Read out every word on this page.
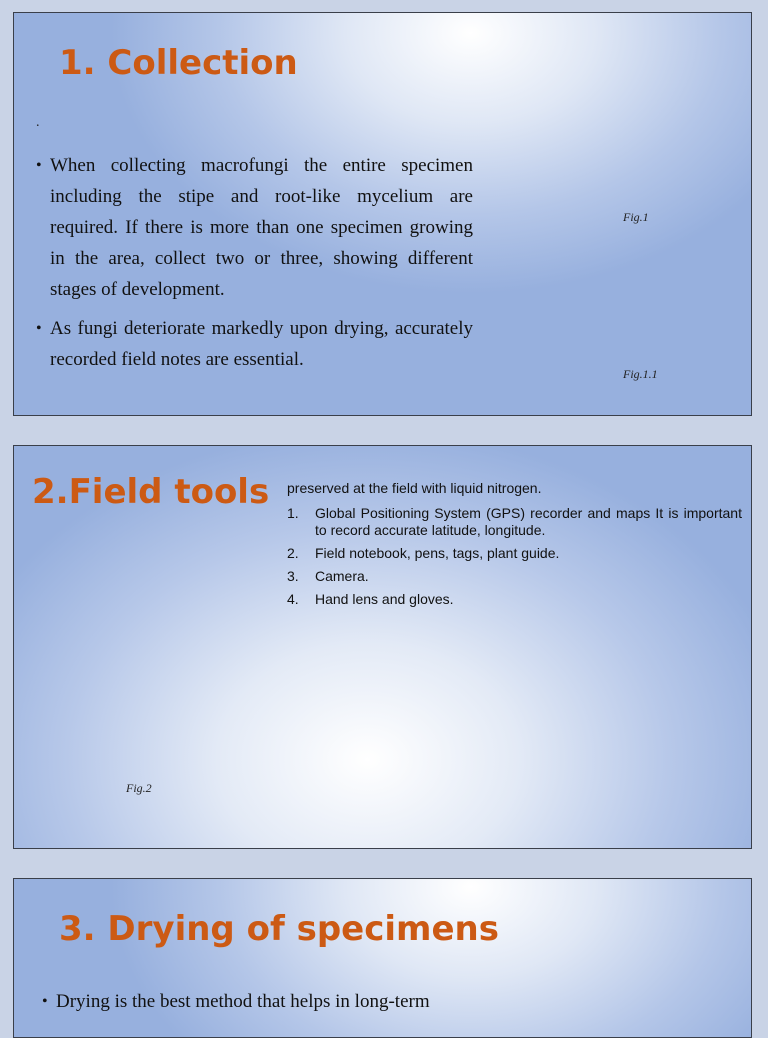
1. Collection
.
• When collecting macrofungi the entire specimen including the stipe and root-like mycelium are required. If there is more than one specimen growing in the area, collect two or three, showing different stages of development.
• As fungi deteriorate markedly upon drying, accurately recorded field notes are essential.
Fig.1
Fig.1.1
2.Field tools preserved at the field with liquid nitrogen.

1. Global Positioning System (GPS) recorder and maps It is important to record accurate latitude, longitude.
2. Field notebook, pens, tags, plant guide.
3. Camera.
4. Hand lens and gloves.
Fig.2
3. Drying of specimens
• Drying is the best method that helps in long-term
